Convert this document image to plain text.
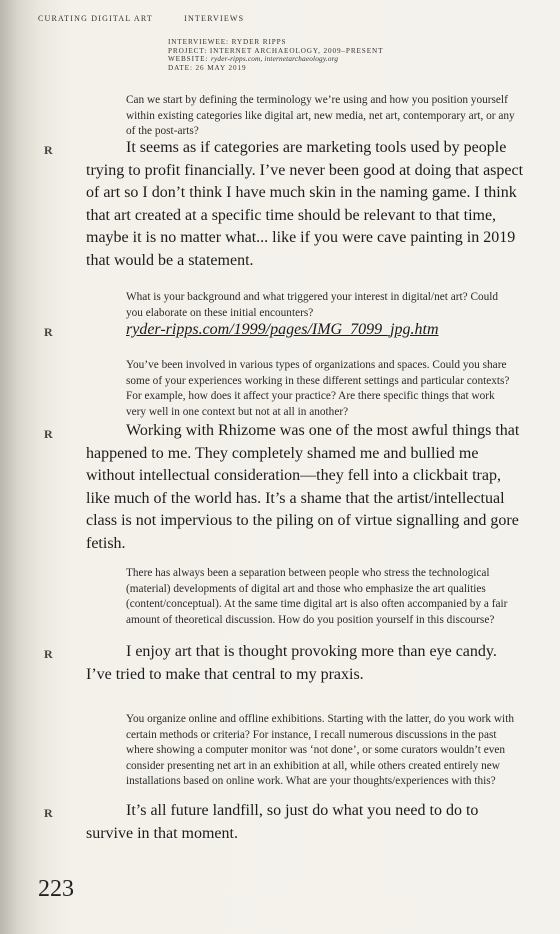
CURATING DIGITAL ART	INTERVIEWS
INTERVIEWEE: RYDER RIPPS
PROJECT: INTERNET ARCHAEOLOGY, 2009–PRESENT
WEBSITE: ryder-ripps.com, internetarchaeology.org
DATE: 26 MAY 2019
Can we start by defining the terminology we’re using and how you position yourself within existing categories like digital art, new media, net art, contemporary art, or any of the post-arts?
R	It seems as if categories are marketing tools used by people trying to profit financially. I’ve never been good at doing that aspect of art so I don’t think I have much skin in the naming game. I think that art created at a specific time should be relevant to that time, maybe it is no matter what... like if you were cave painting in 2019 that would be a statement.
What is your background and what triggered your interest in digital/net art? Could you elaborate on these initial encounters?
R	ryder-ripps.com/1999/pages/IMG_7099_jpg.htm
You’ve been involved in various types of organizations and spaces. Could you share some of your experiences working in these different settings and particular contexts? For example, how does it affect your practice? Are there specific things that work very well in one context but not at all in another?
R	Working with Rhizome was one of the most awful things that happened to me. They completely shamed me and bullied me without intellectual consideration—they fell into a clickbait trap, like much of the world has. It’s a shame that the artist/intellectual class is not impervious to the piling on of virtue signalling and gore fetish.
There has always been a separation between people who stress the technological (material) developments of digital art and those who emphasize the art qualities (content/conceptual). At the same time digital art is also often accompanied by a fair amount of theoretical discussion. How do you position yourself in this discourse?
R	I enjoy art that is thought provoking more than eye candy. I’ve tried to make that central to my praxis.
You organize online and offline exhibitions. Starting with the latter, do you work with certain methods or criteria? For instance, I recall numerous discussions in the past where showing a computer monitor was ‘not done’, or some curators wouldn’t even consider presenting net art in an exhibition at all, while others created entirely new installations based on online work. What are your thoughts/experiences with this?
R	It’s all future landfill, so just do what you need to do to survive in that moment.
223
